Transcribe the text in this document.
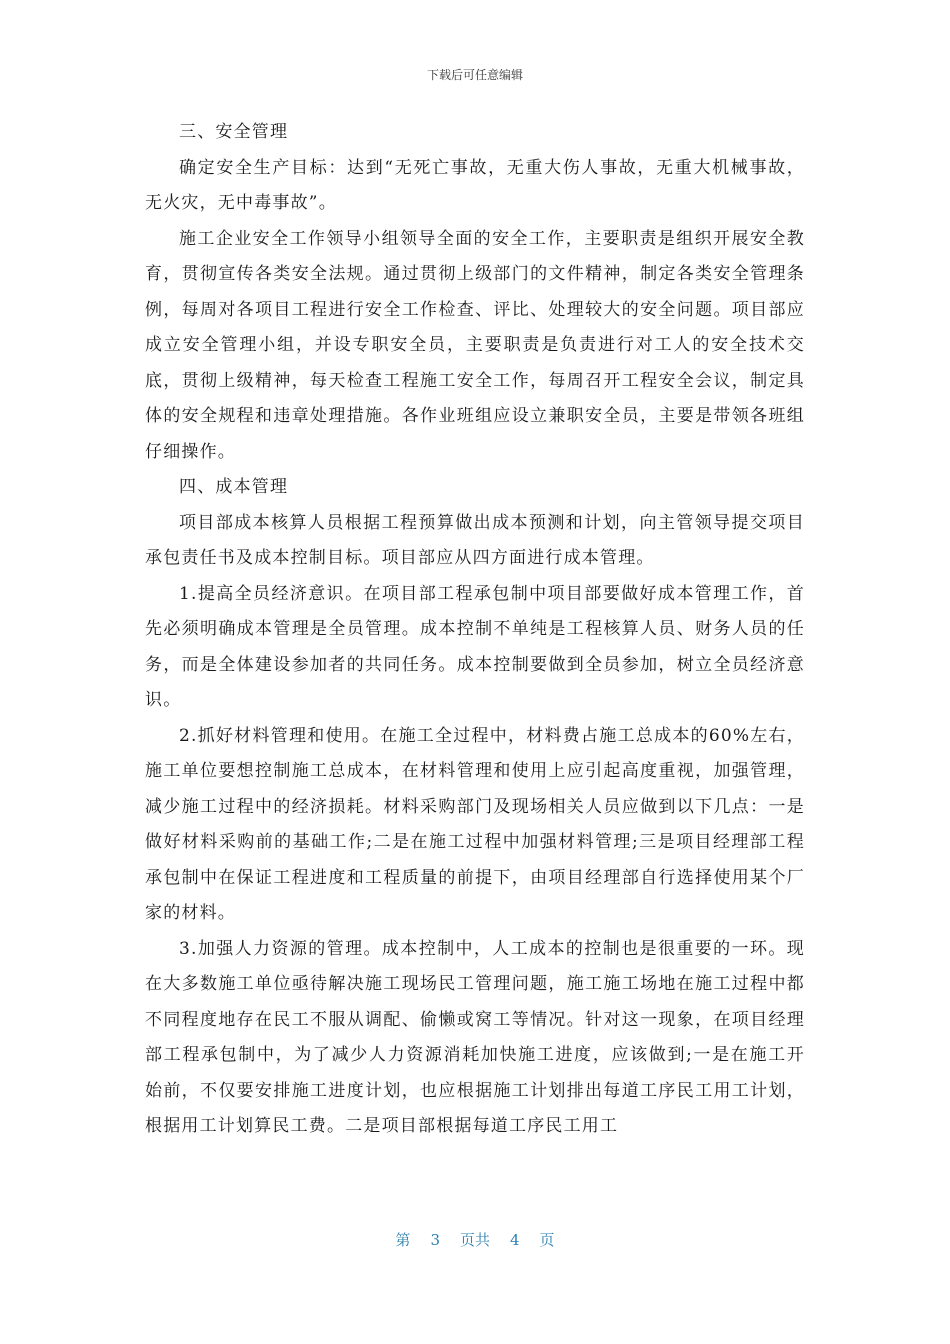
下载后可任意编辑

三、安全管理

确定安全生产目标：达到“无死亡事故，无重大伤人事故，无重大机械事故，无火灾，无中毒事故”。

施工企业安全工作领导小组领导全面的安全工作，主要职责是组织开展安全教育，贯彻宣传各类安全法规。通过贯彻上级部门的文件精神，制定各类安全管理条例，每周对各项目工程进行安全工作检查、评比、处理较大的安全问题。项目部应成立安全管理小组，并设专职安全员，主要职责是负责进行对工人的安全技术交底，贯彻上级精神，每天检查工程施工安全工作，每周召开工程安全会议，制定具体的安全规程和违章处理措施。各作业班组应设立兼职安全员，主要是带领各班组仔细操作。

四、成本管理

项目部成本核算人员根据工程预算做出成本预测和计划，向主管领导提交项目承包责任书及成本控制目标。项目部应从四方面进行成本管理。

1.提高全员经济意识。在项目部工程承包制中项目部要做好成本管理工作，首先必须明确成本管理是全员管理。成本控制不单纯是工程核算人员、财务人员的任务，而是全体建设参加者的共同任务。成本控制要做到全员参加，树立全员经济意识。

2.抓好材料管理和使用。在施工全过程中，材料费占施工总成本的60%左右，施工单位要想控制施工总成本，在材料管理和使用上应引起高度重视，加强管理，减少施工过程中的经济损耗。材料采购部门及现场相关人员应做到以下几点：一是做好材料采购前的基础工作;二是在施工过程中加强材料管理;三是项目经理部工程承包制中在保证工程进度和工程质量的前提下，由项目经理部自行选择使用某个厂家的材料。

3.加强人力资源的管理。成本控制中，人工成本的控制也是很重要的一环。现在大多数施工单位亟待解决施工现场民工管理问题，施工施工场地在施工过程中都不同程度地存在民工不服从调配、偷懒或窝工等情况。针对这一现象，在项目经理部工程承包制中，为了减少人力资源消耗加快施工进度，应该做到;一是在施工开始前，不仅要安排施工进度计划，也应根据施工计划排出每道工序民工用工计划，根据用工计划算民工费。二是项目部根据每道工序民工用工

第 3 页共 4 页
